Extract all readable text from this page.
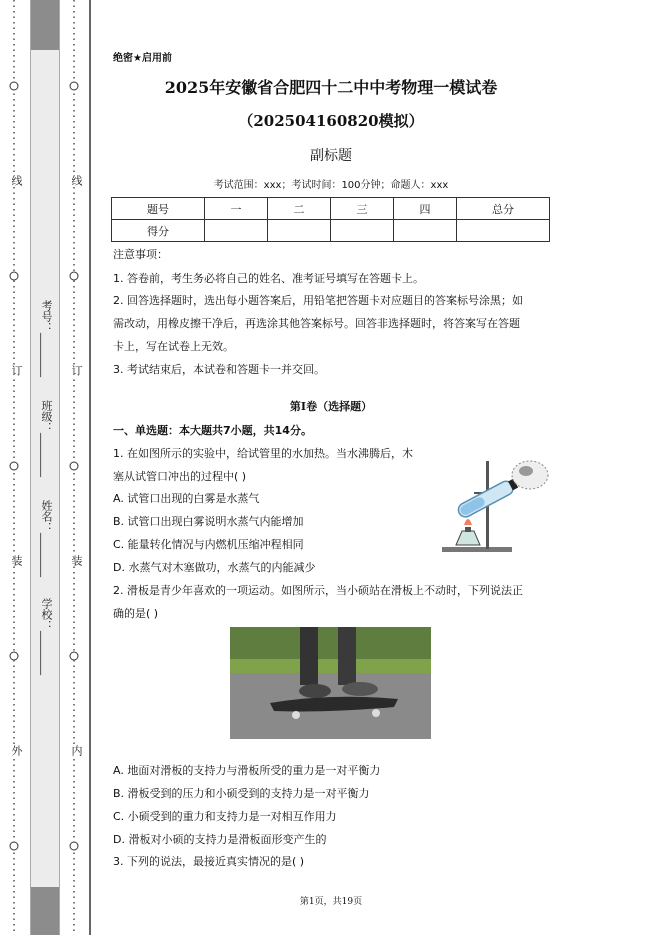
线
订
装
外
学校：________
姓名：________
班级：________
考号：________
线
订
装
内
绝密★启用前
2025年安徽省合肥四十二中中考物理一模试卷
（202504160820模拟）
副标题
考试范围：xxx；考试时间：100分钟；命题人：xxx
题号	一	二	三	四	总分
得分					
注意事项：
1. 答卷前，考生务必将自己的姓名、准考证号填写在答题卡上。
2. 回答选择题时，选出每小题答案后，用铅笔把答题卡对应题目的答案标号涂黑；如
需改动，用橡皮擦干净后，再选涂其他答案标号。回答非选择题时，将答案写在答题
卡上，写在试卷上无效。
3. 考试结束后，本试卷和答题卡一并交回。
第I卷（选择题）
一、单选题：本大题共7小题，共14分。
1. 在如图所示的实验中，给试管里的水加热。当水沸腾后，木
塞从试管口冲出的过程中( )
A. 试管口出现的白雾是水蒸气
B. 试管口出现白雾说明水蒸气内能增加
C. 能量转化情况与内燃机压缩冲程相同
D. 水蒸气对木塞做功，水蒸气的内能减少
2. 滑板是青少年喜欢的一项运动。如图所示，当小硕站在滑板上不动时，下列说法正
确的是( )
A. 地面对滑板的支持力与滑板所受的重力是一对平衡力
B. 滑板受到的压力和小硕受到的支持力是一对平衡力
C. 小硕受到的重力和支持力是一对相互作用力
D. 滑板对小硕的支持力是滑板面形变产生的
3. 下列的说法，最接近真实情况的是( )
第1页，共19页
